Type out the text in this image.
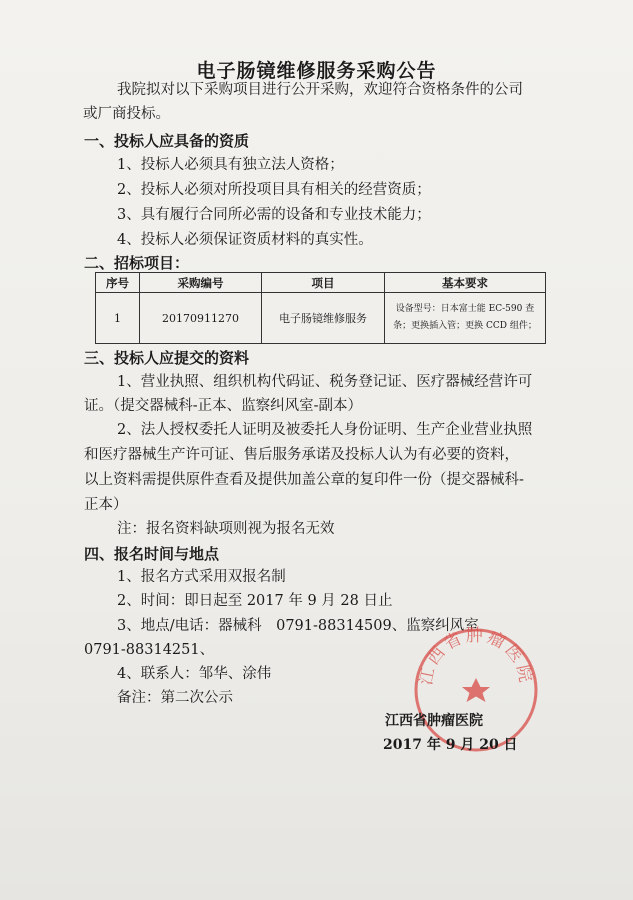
电子肠镜维修服务采购公告
我院拟对以下采购项目进行公开采购，欢迎符合资格条件的公司
或厂商投标。
一、投标人应具备的资质
1、投标人必须具有独立法人资格；
2、投标人必须对所投项目具有相关的经营资质；
3、具有履行合同所必需的设备和专业技术能力；
4、投标人必须保证资质材料的真实性。
二、招标项目：
序号	采购编号	项目	基本要求
1	20170911270	电子肠镜维修服务	设备型号：日本富士能 EC-590 查
条；更换插入管；更换 CCD 组件；
三、投标人应提交的资料
1、营业执照、组织机构代码证、税务登记证、医疗器械经营许可
证。（提交器械科-正本、监察纠风室-副本）
2、法人授权委托人证明及被委托人身份证明、生产企业营业执照
和医疗器械生产许可证、售后服务承诺及投标人认为有必要的资料，
以上资料需提供原件查看及提供加盖公章的复印件一份（提交器械科-
正本）
注：报名资料缺项则视为报名无效
四、报名时间与地点
1、报名方式采用双报名制
2、时间：即日起至 2017 年 9 月 28 日止
3、地点/电话：器械科　0791-88314509、监察纠风室
0791-88314251、
4、联系人：邹华、涂伟
备注：第二次公示
江西省肿瘤医院
江西省肿瘤医院
2017 年 9 月 20 日
